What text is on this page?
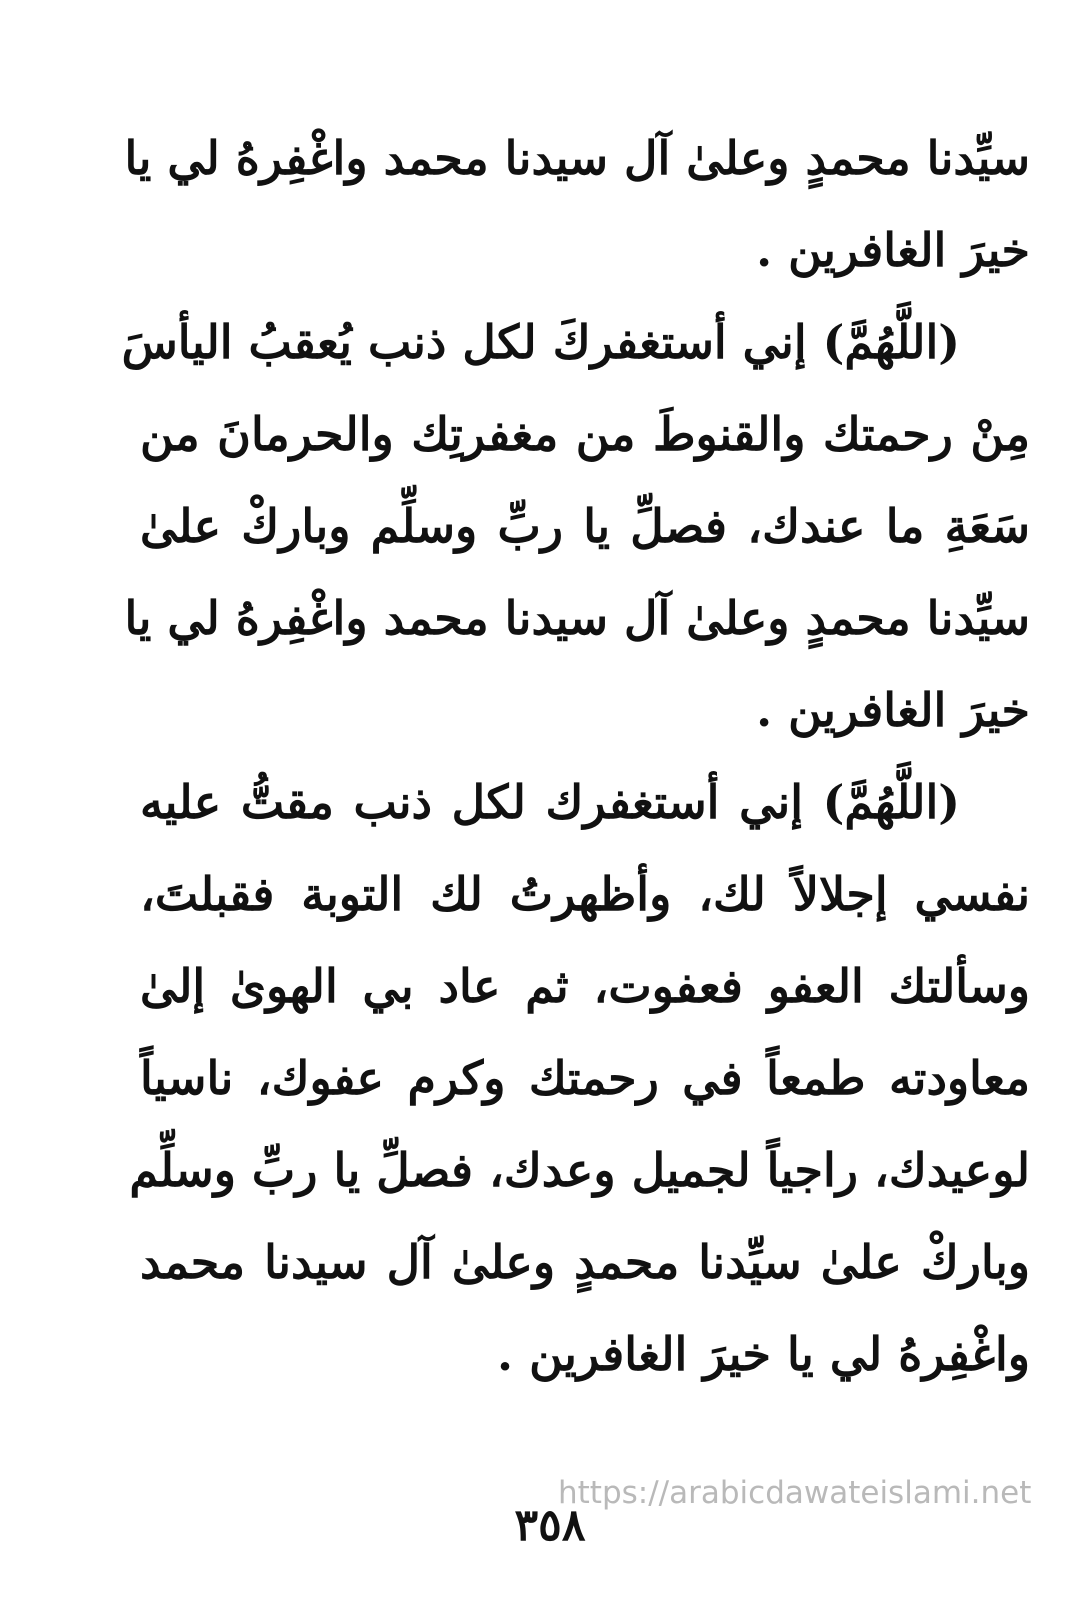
سيِّدنا محمدٍ وعلىٰ آل سيدنا محمد واغْفِرهُ لي يا
خيرَ الغافرين .
(اللَّهُمَّ) إني أستغفركَ لكل ذنب يُعقبُ اليأسَ
مِنْ رحمتك والقنوطَ من مغفرتِك والحرمانَ من
سَعَةِ ما عندك، فصلِّ يا ربِّ وسلِّم وباركْ علىٰ
سيِّدنا محمدٍ وعلىٰ آل سيدنا محمد واغْفِرهُ لي يا
خيرَ الغافرين .
(اللَّهُمَّ) إني أستغفرك لكل ذنب مقتُّ عليه
نفسي إجلالاً لك، وأظهرتُ لك التوبة فقبلتَ،
وسألتك العفو فعفوت، ثم عاد بي الهوىٰ إلىٰ
معاودته طمعاً في رحمتك وكرم عفوك، ناسياً
لوعيدك، راجياً لجميل وعدك، فصلِّ يا ربِّ وسلِّم
وباركْ علىٰ سيِّدنا محمدٍ وعلىٰ آل سيدنا محمد
واغْفِرهُ لي يا خيرَ الغافرين .
https://arabicdawateislami.net
٣٥٨
